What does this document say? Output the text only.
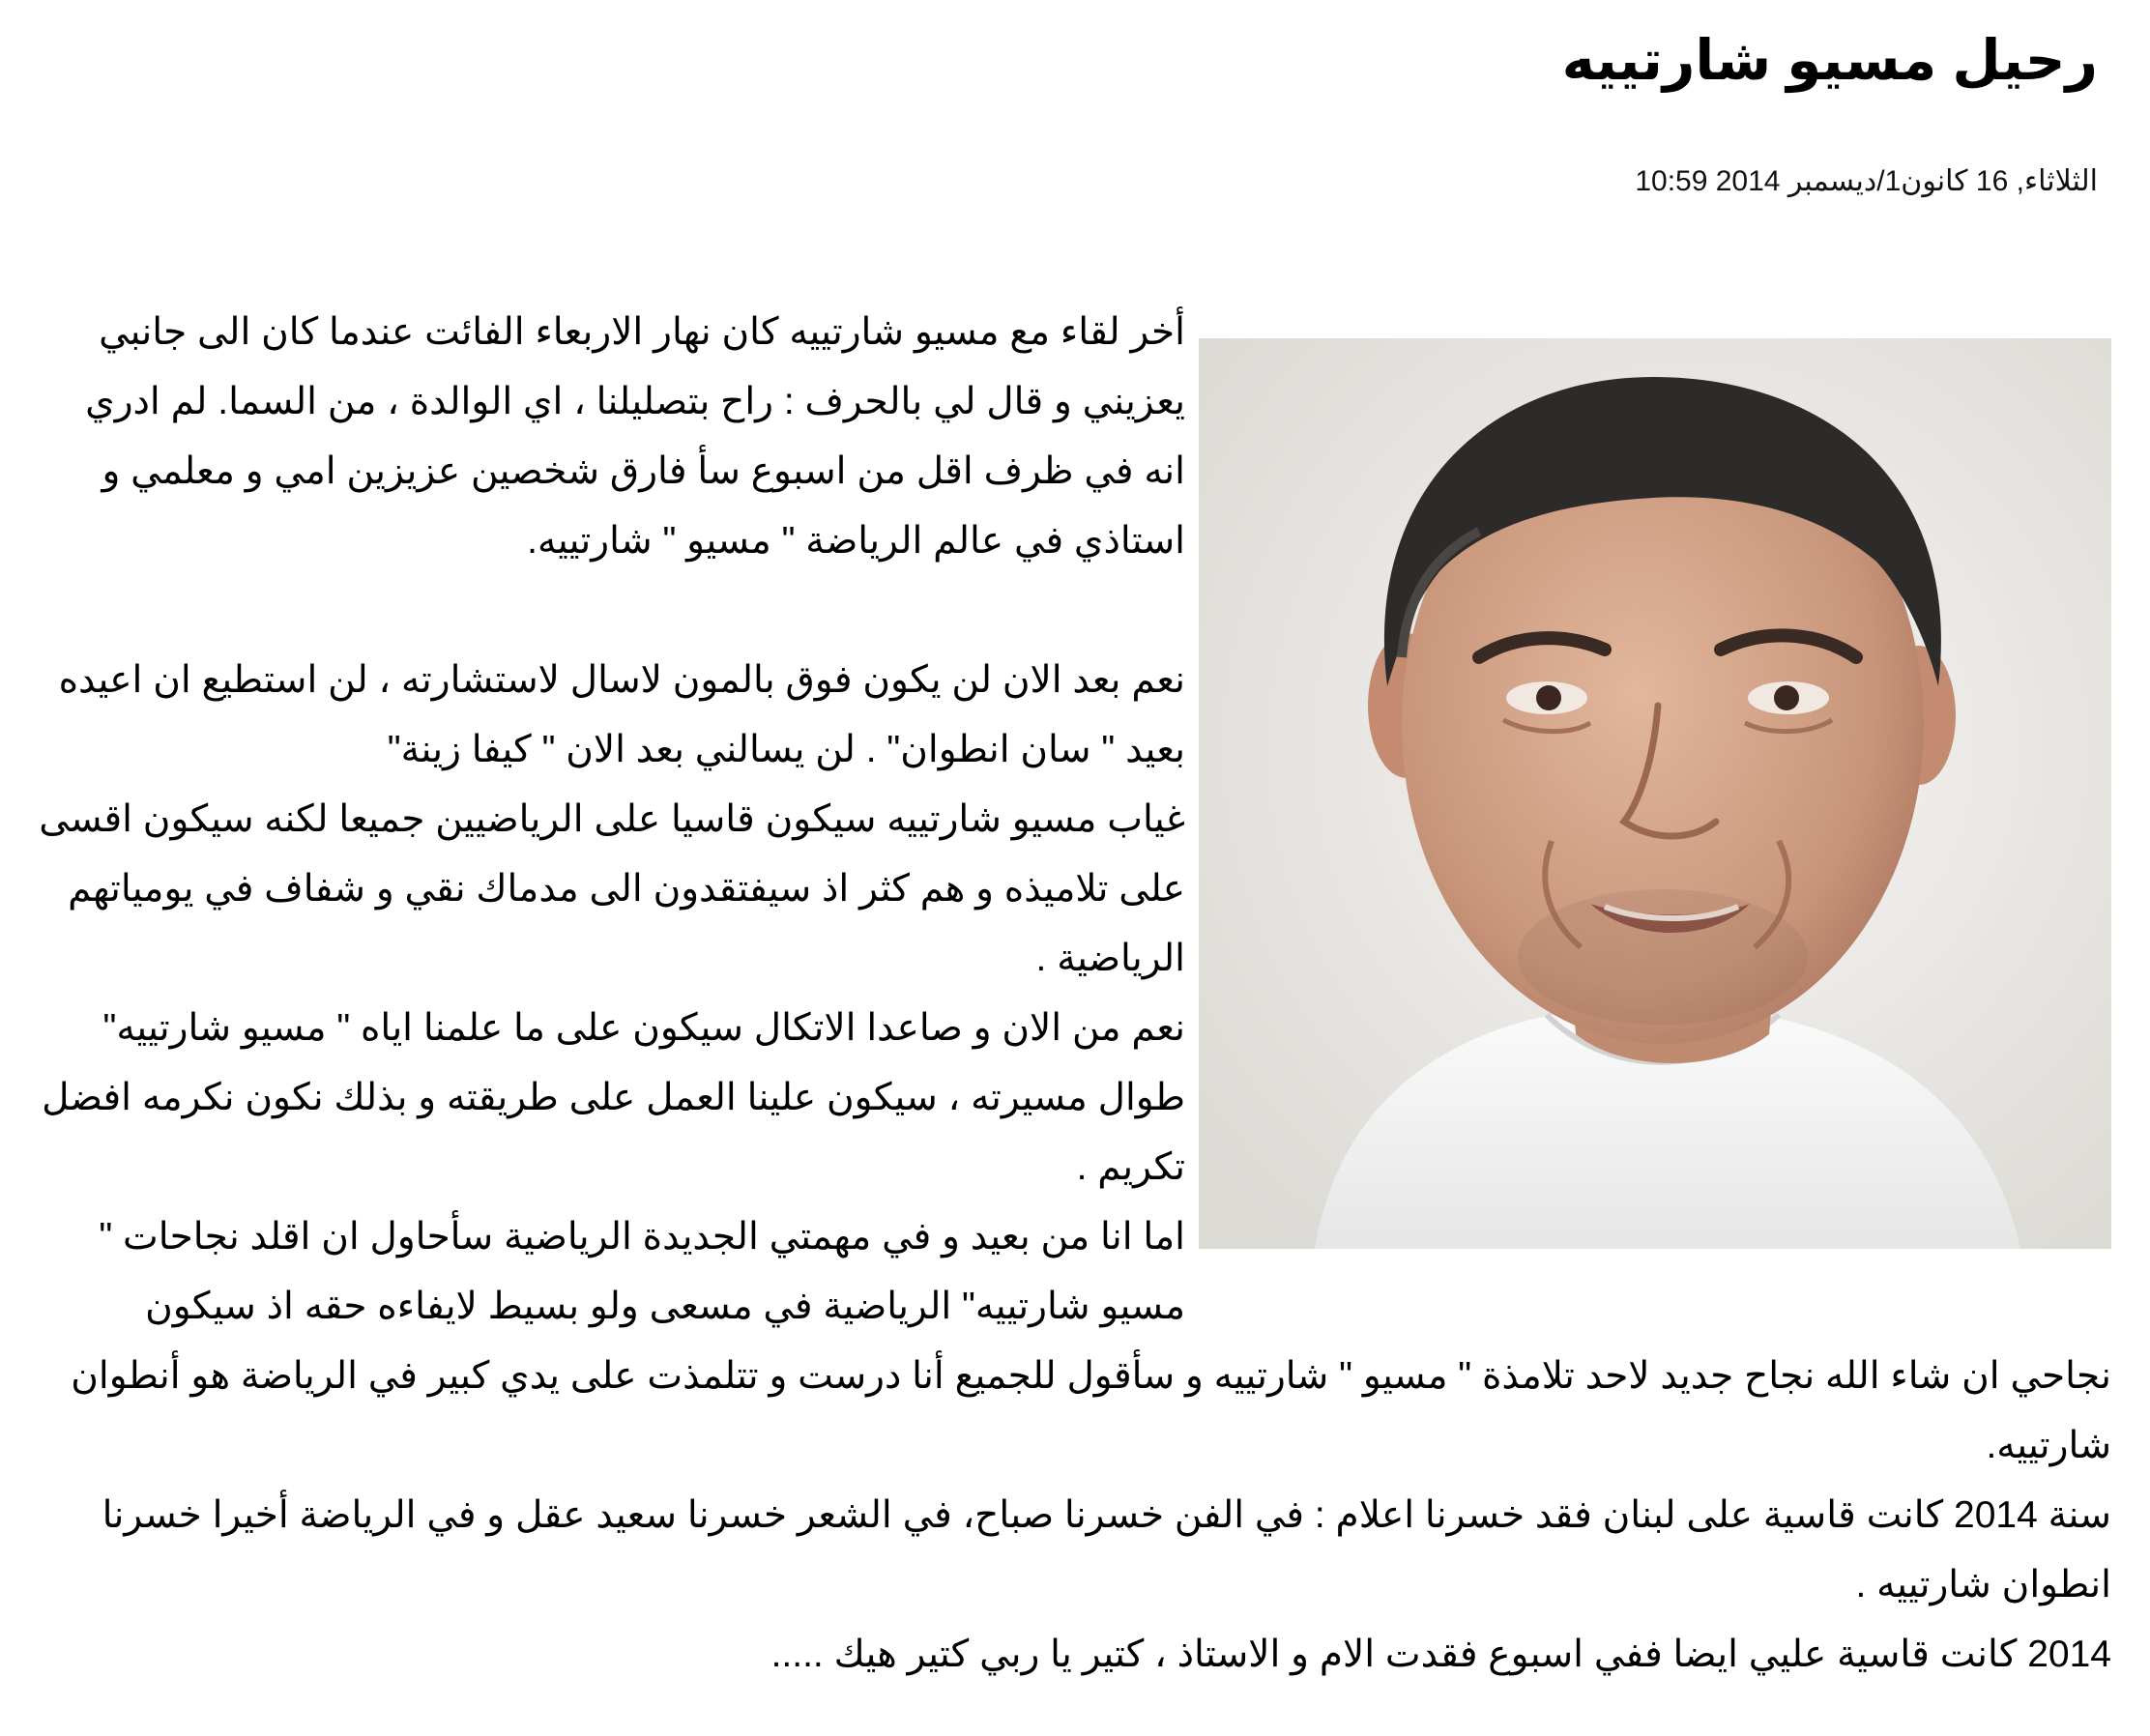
رحيل مسيو شارتييه
الثلاثاء, 16 كانون1/ديسمبر 2014 10:59

أخر لقاء مع مسيو شارتييه كان نهار الاربعاء الفائت عندما كان الى جانبي يعزيني و قال لي بالحرف : راح بتصليلنا ، اي الوالدة ، من السما. لم ادري انه في ظرف اقل من اسبوع سأ فارق شخصين عزيزين امي و معلمي و استاذي في عالم الرياضة " مسيو " شارتييه.

نعم بعد الان لن يكون فوق بالمون لاسال لاستشارته ، لن استطيع ان اعيده بعيد " سان انطوان" . لن يسالني بعد الان " كيفا زينة"

غياب مسيو شارتييه سيكون قاسيا على الرياضيين جميعا لكنه سيكون اقسى على تلاميذه و هم كثر اذ سيفتقدون الى مدماك نقي و شفاف في يومياتهم الرياضية .

نعم من الان و صاعدا الاتكال سيكون على ما علمنا اياه " مسيو شارتييه" طوال مسيرته ، سيكون علينا العمل على طريقته و بذلك نكون نكرمه افضل تكريم .

اما انا من بعيد و في مهمتي الجديدة الرياضية سأحاول ان اقلد نجاحات " مسيو شارتييه" الرياضية في مسعى ولو بسيط لايفاءه حقه اذ سيكون نجاحي ان شاء الله نجاح جديد لاحد تلامذة " مسيو " شارتييه و سأقول للجميع أنا درست و تتلمذت على يدي كبير في الرياضة هو أنطوان شارتييه.

سنة 2014 كانت قاسية على لبنان فقد خسرنا اعلام : في الفن خسرنا صباح، في الشعر خسرنا سعيد عقل و في الرياضة أخيرا خسرنا انطوان شارتييه .

2014 كانت قاسية عليي ايضا ففي اسبوع فقدت الام و الاستاذ ، كتير يا ربي كتير هيك .....
